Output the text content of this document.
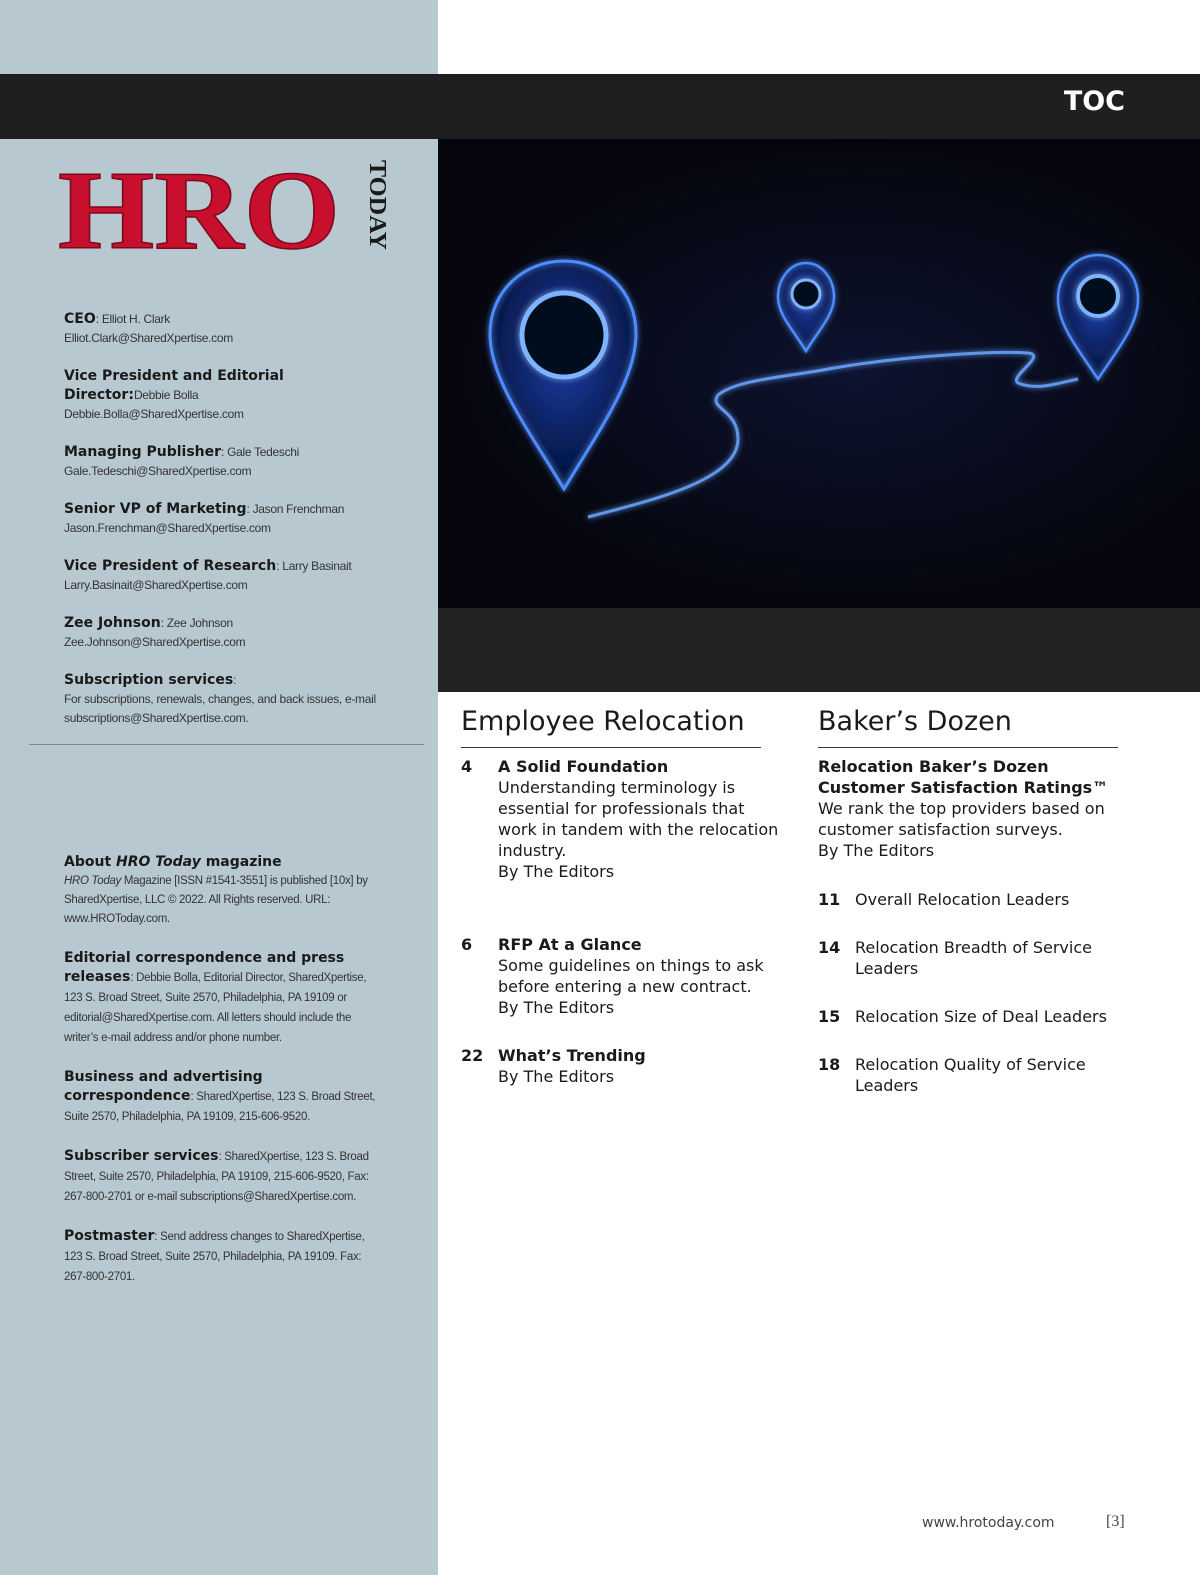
TOC
HRO TODAY
CEO: Elliot H. Clark
Elliot.Clark@SharedXpertise.com
Vice President and Editorial Director:Debbie Bolla
Debbie.Bolla@SharedXpertise.com
Managing Publisher: Gale Tedeschi
Gale.Tedeschi@SharedXpertise.com
Senior VP of Marketing: Jason Frenchman
Jason.Frenchman@SharedXpertise.com
Vice President of Research: Larry Basinait
Larry.Basinait@SharedXpertise.com
Zee Johnson: Zee Johnson
Zee.Johnson@SharedXpertise.com
Subscription services:
For subscriptions, renewals, changes, and back issues, e-mail subscriptions@SharedXpertise.com.
About HRO Today magazine
HRO Today Magazine [ISSN #1541-3551] is published [10x] by SharedXpertise, LLC © 2022. All Rights reserved. URL: www.HROToday.com.
Editorial correspondence and press releases: Debbie Bolla, Editorial Director, SharedXpertise, 123 S. Broad Street, Suite 2570, Philadelphia, PA 19109 or editorial@SharedXpertise.com. All letters should include the writer’s e-mail address and/or phone number.
Business and advertising correspondence: SharedXpertise, 123 S. Broad Street, Suite 2570, Philadelphia, PA 19109, 215-606-9520.
Subscriber services: SharedXpertise, 123 S. Broad Street, Suite 2570, Philadelphia, PA 19109, 215-606-9520, Fax: 267-800-2701 or e-mail subscriptions@SharedXpertise.com.
Postmaster: Send address changes to SharedXpertise, 123 S. Broad Street, Suite 2570, Philadelphia, PA 19109. Fax: 267-800-2701.
Employee Relocation
4	A Solid Foundation
Understanding terminology is essential for professionals that work in tandem with the relocation industry.
By The Editors
6	RFP At a Glance
Some guidelines on things to ask before entering a new contract.
By The Editors
22 What’s Trending
By The Editors
Baker’s Dozen
Relocation Baker’s Dozen Customer Satisfaction Ratings™
We rank the top providers based on customer satisfaction surveys.
By The Editors
11 Overall Relocation Leaders
14 Relocation Breadth of Service Leaders
15 Relocation Size of Deal Leaders
18 Relocation Quality of Service Leaders
www.hrotoday.com	[3]
